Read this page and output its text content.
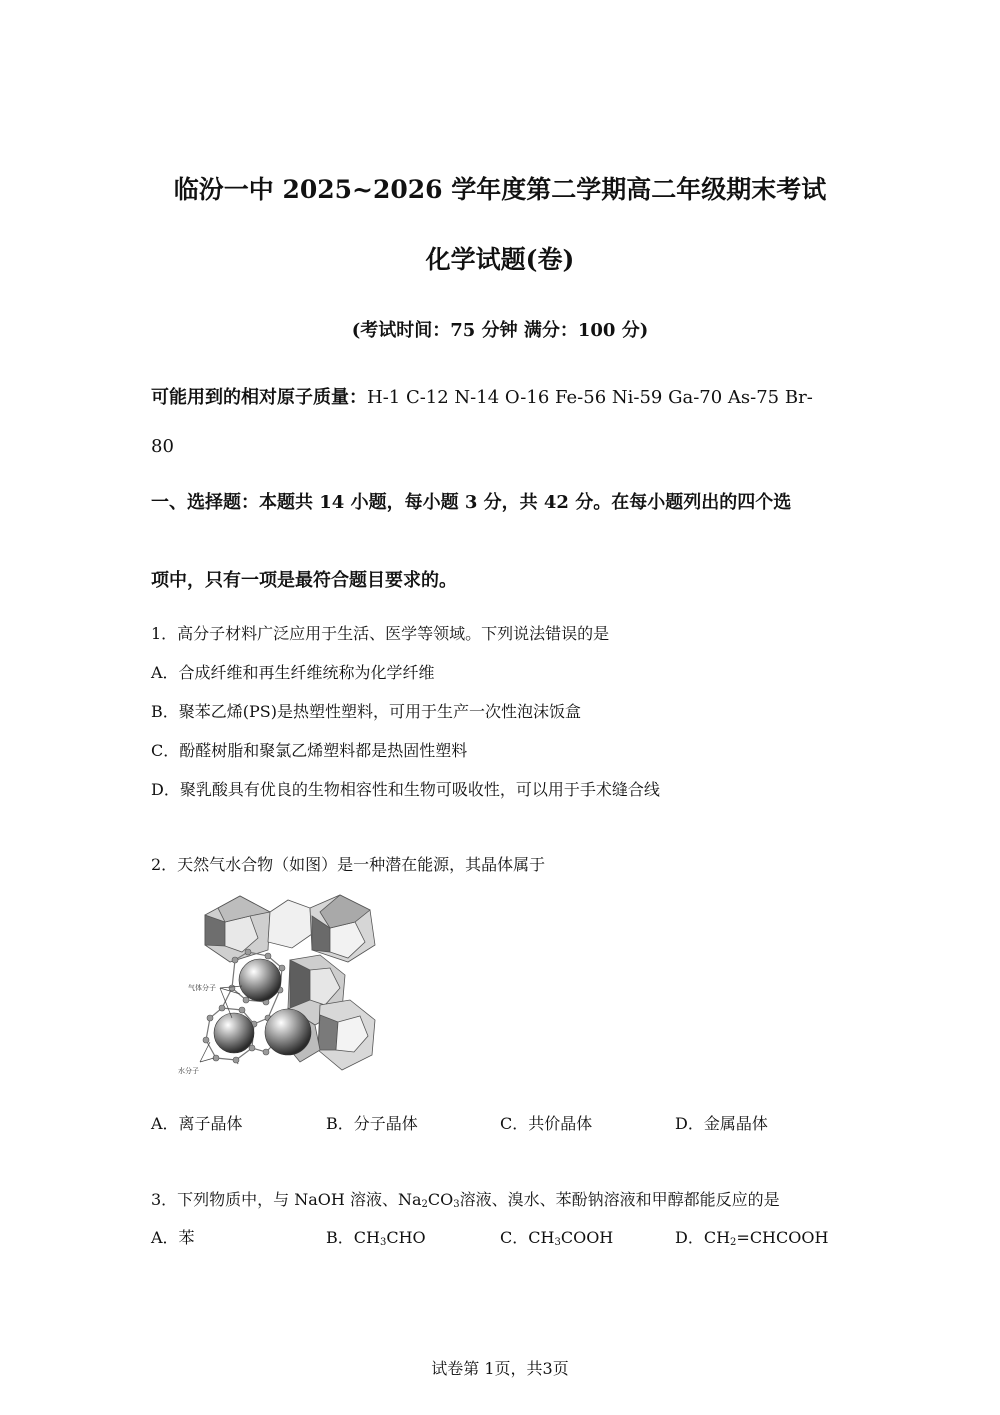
临汾一中 2025~2026 学年度第二学期高二年级期末考试
化学试题(卷)
(考试时间：75 分钟 满分：100 分)
可能用到的相对原子质量：H-1 C-12 N-14 O-16 Fe-56 Ni-59 Ga-70 As-75 Br-
80
一、选择题：本题共 14 小题，每小题 3 分，共 42 分。在每小题列出的四个选
项中，只有一项是最符合题目要求的。
1．高分子材料广泛应用于生活、医学等领域。下列说法错误的是
A．合成纤维和再生纤维统称为化学纤维
B．聚苯乙烯(PS)是热塑性塑料，可用于生产一次性泡沫饭盒
C．酚醛树脂和聚氯乙烯塑料都是热固性塑料
D．聚乳酸具有优良的生物相容性和生物可吸收性，可以用于手术缝合线
2．天然气水合物（如图）是一种潜在能源，其晶体属于
气体分子
水分子
A．离子晶体	B．分子晶体	C．共价晶体	D．金属晶体
3．下列物质中，与 NaOH 溶液、$Na_2CO_3$溶液、溴水、苯酚钠溶液和甲醇都能反应的是
A．苯	B．$CH_3CHO$	C．$CH_3COOH$	D．$CH_2=CHCOOH$
试卷第 1页，共3页
